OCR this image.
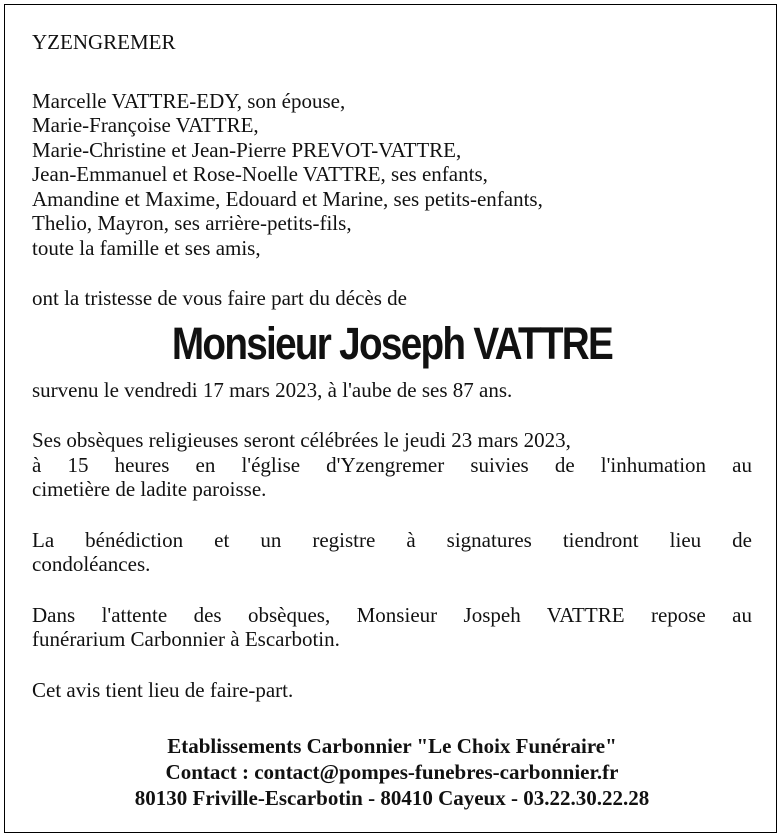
YZENGREMER
Marcelle VATTRE-EDY, son épouse,
Marie-Françoise VATTRE,
Marie-Christine et Jean-Pierre PREVOT-VATTRE,
Jean-Emmanuel et Rose-Noelle VATTRE, ses enfants,
Amandine et Maxime, Edouard et Marine, ses petits-enfants,
Thelio, Mayron, ses arrière-petits-fils,
toute la famille et ses amis,
ont la tristesse de vous faire part du décès de
Monsieur Joseph VATTRE
survenu le vendredi 17 mars 2023, à l'aube de ses 87 ans.
Ses obsèques religieuses seront célébrées le jeudi 23 mars 2023,
à 15 heures en l'église d'Yzengremer suivies de l'inhumation au
cimetière de ladite paroisse.
La bénédiction et un registre à signatures tiendront lieu de
condoléances.
Dans l'attente des obsèques, Monsieur Jospeh VATTRE repose au
funérarium Carbonnier à Escarbotin.
Cet avis tient lieu de faire-part.
Etablissements Carbonnier "Le Choix Funéraire"
Contact : contact@pompes-funebres-carbonnier.fr
80130 Friville-Escarbotin - 80410 Cayeux - 03.22.30.22.28
